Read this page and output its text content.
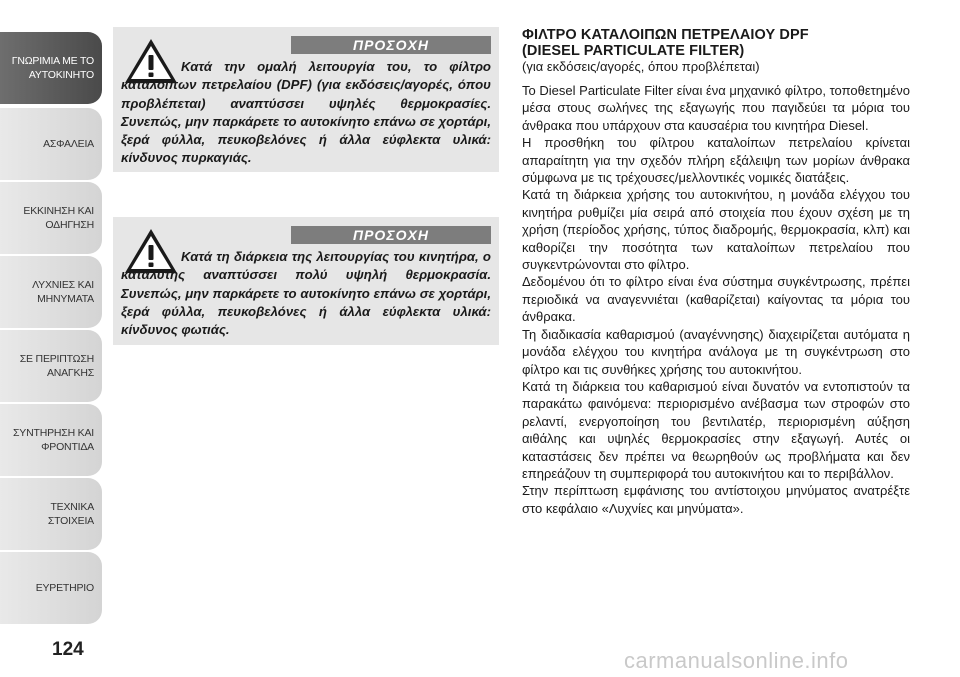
ΓΝΩΡΙΜΙΑ ΜΕ ΤΟ
ΑΥΤΟΚΙΝΗΤΟ
ΑΣΦΑΛΕΙΑ
ΕΚΚΙΝΗΣΗ ΚΑΙ
ΟΔΗΓΗΣΗ
ΛΥΧΝΙΕΣ ΚΑΙ
ΜΗΝΥΜΑΤΑ
ΣΕ ΠΕΡΙΠΤΩΣΗ
ΑΝΑΓΚΗΣ
ΣΥΝΤΗΡΗΣΗ ΚΑΙ
ΦΡΟΝΤΙΔΑ
ΤΕΧΝΙΚΑ ΣΤΟΙΧΕΙΑ
ΕΥΡΕΤΗΡΙΟ
124
ΠΡΟΣΟΧΗ
Κατά την ομαλή λειτουργία του, το φίλτρο καταλοίπων πετρελαίου (DPF) (για εκδόσεις/αγορές, όπου προβλέπεται) αναπτύσσει υψηλές θερμοκρασίες. Συνεπώς, μην παρκάρετε το αυτοκίνητο επάνω σε χορτάρι, ξερά φύλλα, πευκοβελόνες ή άλλα εύφλεκτα υλικά: κίνδυνος πυρκαγιάς.
ΠΡΟΣΟΧΗ
Κατά τη διάρκεια της λειτουργίας του κινητήρα, ο καταλύτης αναπτύσσει πολύ υψηλή θερμοκρασία. Συνεπώς, μην παρκάρετε το αυτοκίνητο επάνω σε χορτάρι, ξερά φύλλα, πευκοβελόνες ή άλλα εύφλεκτα υλικά: κίνδυνος φωτιάς.
ΦΙΛΤΡΟ ΚΑΤΑΛΟΙΠΩΝ ΠΕΤΡΕΛΑΙΟΥ DPF
(DIESEL PARTICULATE FILTER)
(για εκδόσεις/αγορές, όπου προβλέπεται)

Το Diesel Particulate Filter είναι ένα μηχανικό φίλτρο, τοποθετημένο μέσα στους σωλήνες της εξαγωγής που παγιδεύει τα μόρια του άνθρακα που υπάρχουν στα καυσαέρια του κινητήρα Diesel.

Η προσθήκη του φίλτρου καταλοίπων πετρελαίου κρίνεται απαραίτητη για την σχεδόν πλήρη εξάλειψη των μορίων άνθρακα σύμφωνα με τις τρέχουσες/μελλοντικές νομικές διατάξεις.

Κατά τη διάρκεια χρήσης του αυτοκινήτου, η μονάδα ελέγχου του κινητήρα ρυθμίζει μία σειρά από στοιχεία που έχουν σχέση με τη χρήση (περίοδος χρήσης, τύπος διαδρομής, θερμοκρασία, κλπ) και καθορίζει την ποσότητα των καταλοίπων πετρελαίου που συγκεντρώνονται στο φίλτρο.

Δεδομένου ότι το φίλτρο είναι ένα σύστημα συγκέντρωσης, πρέπει περιοδικά να αναγεννιέται (καθαρίζεται) καίγοντας τα μόρια του άνθρακα.

Τη διαδικασία καθαρισμού (αναγέννησης) διαχειρίζεται αυτόματα η μονάδα ελέγχου του κινητήρα ανάλογα με τη συγκέντρωση στο φίλτρο και τις συνθήκες χρήσης του αυτοκινήτου.

Κατά τη διάρκεια του καθαρισμού είναι δυνατόν να εντοπιστούν τα παρακάτω φαινόμενα: περιορισμένο ανέβασμα των στροφών στο ρελαντί, ενεργοποίηση του βεντιλατέρ, περιορισμένη αύξηση αιθάλης και υψηλές θερμοκρασίες στην εξαγωγή. Αυτές οι καταστάσεις δεν πρέπει να θεωρηθούν ως προβλήματα και δεν επηρεάζουν τη συμπεριφορά του αυτοκινήτου και το περιβάλλον.

Στην περίπτωση εμφάνισης του αντίστοιχου μηνύματος ανατρέξτε στο κεφάλαιο «Λυχνίες και μηνύματα».

carmanualsonline.info
